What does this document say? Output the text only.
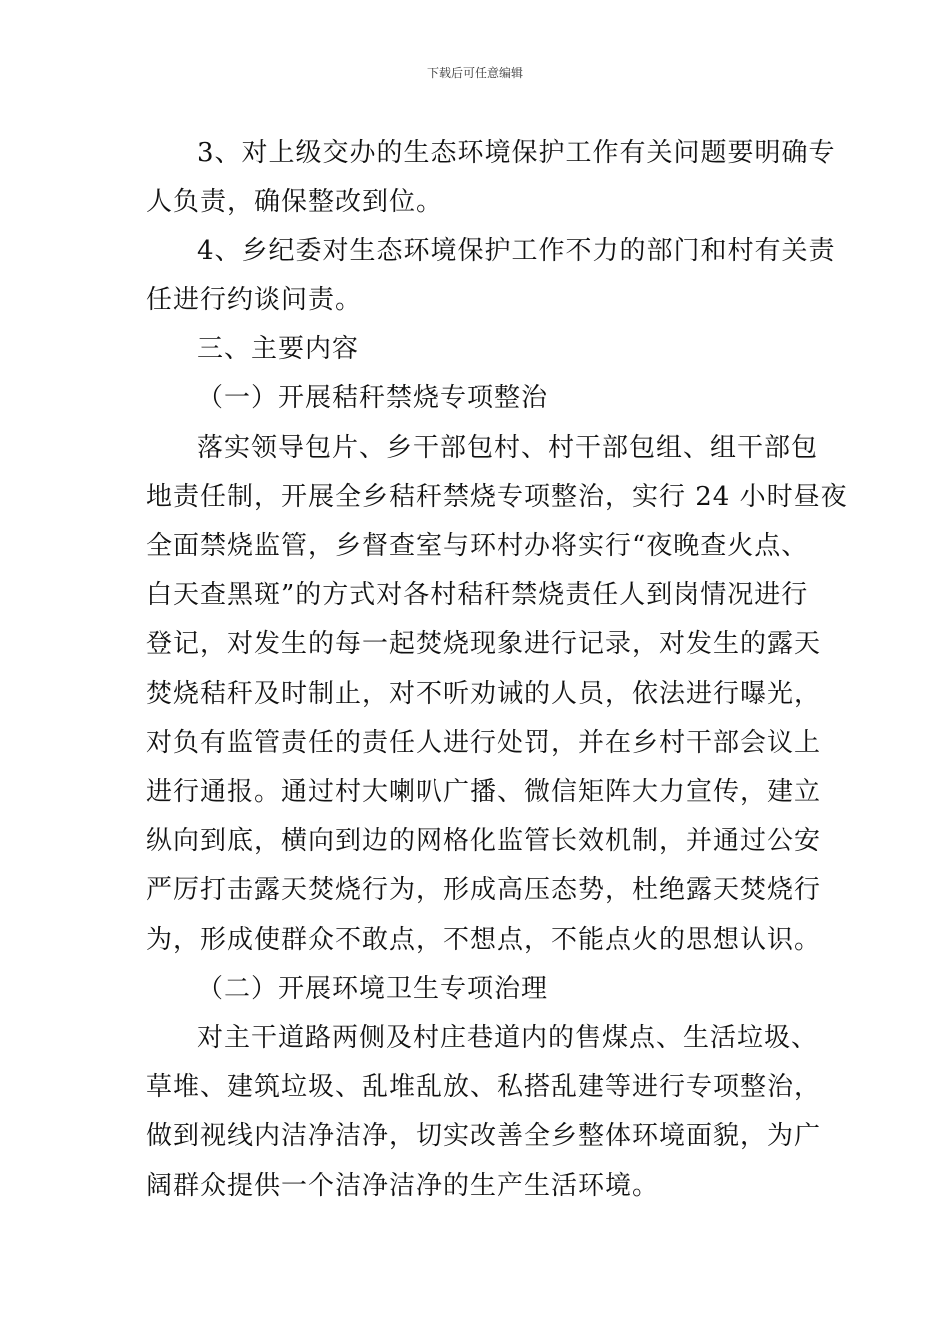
下载后可任意编辑
3、对上级交办的生态环境保护工作有关问题要明确专
人负责，确保整改到位。
4、乡纪委对生态环境保护工作不力的部门和村有关责
任进行约谈问责。
三、主要内容
（一）开展秸秆禁烧专项整治
落实领导包片、乡干部包村、村干部包组、组干部包
地责任制，开展全乡秸秆禁烧专项整治，实行 24 小时昼夜
全面禁烧监管，乡督查室与环村办将实行“夜晚查火点、
白天查黑斑”的方式对各村秸秆禁烧责任人到岗情况进行
登记，对发生的每一起焚烧现象进行记录，对发生的露天
焚烧秸秆及时制止，对不听劝诫的人员，依法进行曝光，
对负有监管责任的责任人进行处罚，并在乡村干部会议上
进行通报。通过村大喇叭广播、微信矩阵大力宣传，建立
纵向到底，横向到边的网格化监管长效机制，并通过公安
严厉打击露天焚烧行为，形成高压态势，杜绝露天焚烧行
为，形成使群众不敢点，不想点，不能点火的思想认识。
（二）开展环境卫生专项治理
对主干道路两侧及村庄巷道内的售煤点、生活垃圾、
草堆、建筑垃圾、乱堆乱放、私搭乱建等进行专项整治，
做到视线内洁净洁净，切实改善全乡整体环境面貌，为广
阔群众提供一个洁净洁净的生产生活环境。
